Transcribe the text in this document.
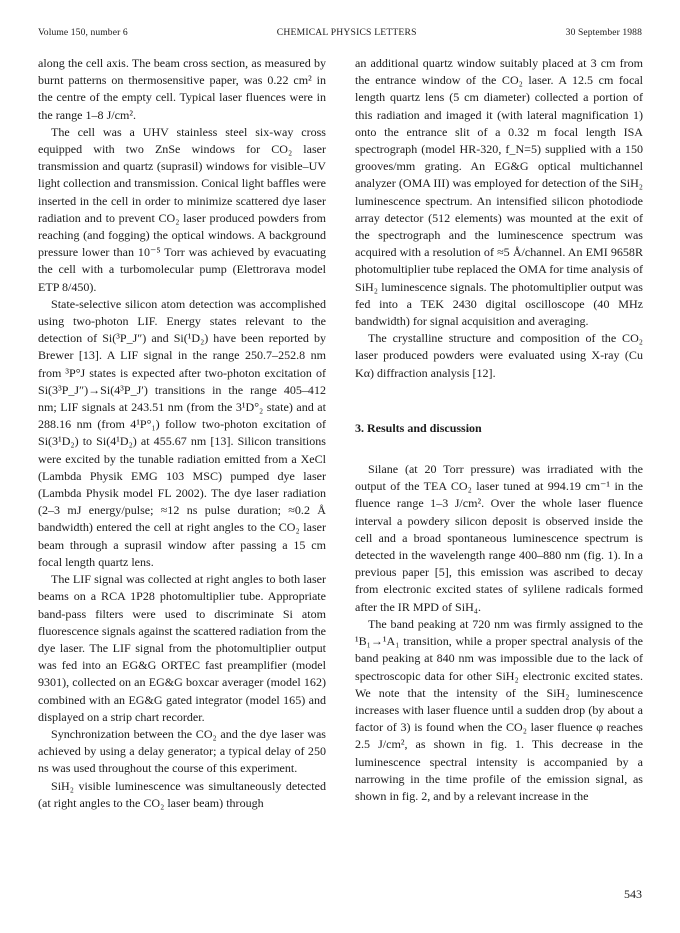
Volume 150, number 6	CHEMICAL PHYSICS LETTERS	30 September 1988

along the cell axis. The beam cross section, as measured by burnt patterns on thermosensitive paper, was 0.22 cm² in the centre of the empty cell. Typical laser fluences were in the range 1–8 J/cm².

The cell was a UHV stainless steel six-way cross equipped with two ZnSe windows for CO₂ laser transmission and quartz (suprasil) windows for visible–UV light collection and transmission. Conical light baffles were inserted in the cell in order to minimize scattered dye laser radiation and to prevent CO₂ laser produced powders from reaching (and fogging) the optical windows. A background pressure lower than 10⁻⁵ Torr was achieved by evacuating the cell with a turbomolecular pump (Elettrorava model ETP 8/450).

State-selective silicon atom detection was accomplished using two-photon LIF. Energy states relevant to the detection of Si(³P_J″) and Si(¹D₂) have been reported by Brewer [13]. A LIF signal in the range 250.7–252.8 nm from ³P°J states is expected after two-photon excitation of Si(3³P_J″)→Si(4³P_J′) transitions in the range 405–412 nm; LIF signals at 243.51 nm (from the 3¹D°₂ state) and at 288.16 nm (from 4¹P°₁) follow two-photon excitation of Si(3¹D₂) to Si(4¹D₂) at 455.67 nm [13]. Silicon transitions were excited by the tunable radiation emitted from a XeCl (Lambda Physik EMG 103 MSC) pumped dye laser (Lambda Physik model FL 2002). The dye laser radiation (2–3 mJ energy/pulse; ≈12 ns pulse duration; ≈0.2 Å bandwidth) entered the cell at right angles to the CO₂ laser beam through a suprasil window after passing a 15 cm focal length quartz lens.

The LIF signal was collected at right angles to both laser beams on a RCA 1P28 photomultiplier tube. Appropriate band-pass filters were used to discriminate Si atom fluorescence signals against the scattered radiation from the dye laser. The LIF signal from the photomultiplier output was fed into an EG&G ORTEC fast preamplifier (model 9301), collected on an EG&G boxcar averager (model 162) combined with an EG&G gated integrator (model 165) and displayed on a strip chart recorder.

Synchronization between the CO₂ and the dye laser was achieved by using a delay generator; a typical delay of 250 ns was used throughout the course of this experiment.

SiH₂ visible luminescence was simultaneously detected (at right angles to the CO₂ laser beam) through

an additional quartz window suitably placed at 3 cm from the entrance window of the CO₂ laser. A 12.5 cm focal length quartz lens (5 cm diameter) collected a portion of this radiation and imaged it (with lateral magnification 1) onto the entrance slit of a 0.32 m focal length ISA spectrograph (model HR-320, f_N=5) supplied with a 150 grooves/mm grating. An EG&G optical multichannel analyzer (OMA III) was employed for detection of the SiH₂ luminescence spectrum. An intensified silicon photodiode array detector (512 elements) was mounted at the exit of the spectrograph and the luminescence spectrum was acquired with a resolution of ≈5 Å/channel. An EMI 9658R photomultiplier tube replaced the OMA for time analysis of SiH₂ luminescence signals. The photomultiplier output was fed into a TEK 2430 digital oscilloscope (40 MHz bandwidth) for signal acquisition and averaging.

The crystalline structure and composition of the CO₂ laser produced powders were evaluated using X-ray (Cu Kα) diffraction analysis [12].

3. Results and discussion

Silane (at 20 Torr pressure) was irradiated with the output of the TEA CO₂ laser tuned at 994.19 cm⁻¹ in the fluence range 1–3 J/cm². Over the whole laser fluence interval a powdery silicon deposit is observed inside the cell and a broad spontaneous luminescence spectrum is detected in the wavelength range 400–880 nm (fig. 1). In a previous paper [5], this emission was ascribed to decay from electronic excited states of sylilene radicals formed after the IR MPD of SiH₄.

The band peaking at 720 nm was firmly assigned to the ¹B₁→¹A₁ transition, while a proper spectral analysis of the band peaking at 840 nm was impossible due to the lack of spectroscopic data for other SiH₂ electronic excited states. We note that the intensity of the SiH₂ luminescence increases with laser fluence until a sudden drop (by about a factor of 3) is found when the CO₂ laser fluence φ reaches 2.5 J/cm², as shown in fig. 1. This decrease in the luminescence spectral intensity is accompanied by a narrowing in the time profile of the emission signal, as shown in fig. 2, and by a relevant increase in the

543
